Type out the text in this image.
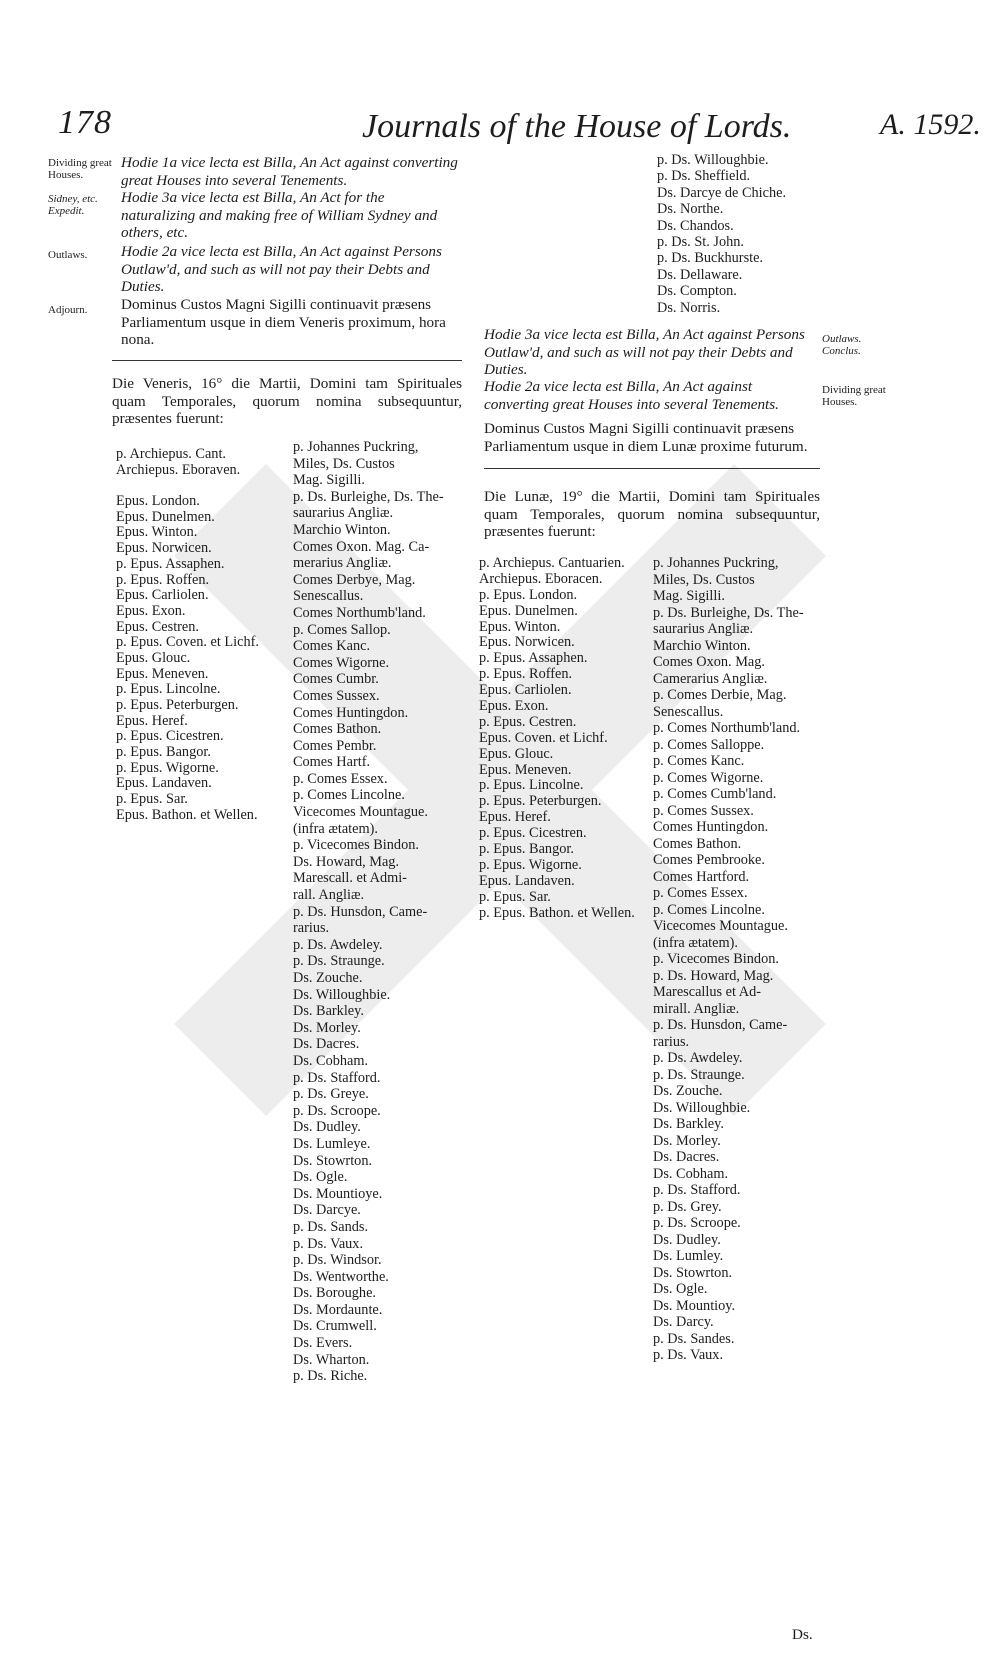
178	Journals of the House of Lords.	A. 1592.
Dividing great Houses.
Hodie 1a vice lecta est Billa, An Act against converting great Houses into several Tenements.
Sidney, etc. Expedit.
Hodie 3a vice lecta est Billa, An Act for the naturalizing and making free of William Sydney and others, etc.
Outlaws.	Hodie 2a vice lecta est Billa, An Act against Persons Outlaw'd, and such as will not pay their Debts and Duties.
Adjourn.	Dominus Custos Magni Sigilli continuavit præsens Parliamentum usque in diem Veneris proximum, hora nona.
Die Veneris, 16° die Martii, Domini tam Spirituales quam Temporales, quorum nomina subsequuntur, præsentes fuerunt:
p. Archiepus. Cant.
Archiepus. Eboraven.
Epus. London.
Epus. Dunelmen.
Epus. Winton.
Epus. Norwicen.
p. Epus. Assaphen.
p. Epus. Roffen.
Epus. Carliolen.
Epus. Exon.
Epus. Cestren.
p. Epus. Coven. et Lichf.
Epus. Glouc.
Epus. Meneven.
p. Epus. Lincolne.
p. Epus. Peterburgen.
Epus. Heref.
p. Epus. Cicestren.
p. Epus. Bangor.
p. Epus. Wigorne.
Epus. Landaven.
p. Epus. Sar.
Epus. Bathon. et Wellen.
p. Johannes Puckring,
Miles, Ds. Custos
Mag. Sigilli.
p. Ds. Burleighe, Ds. The-
saurarius Angliæ.
Marchio Winton.
Comes Oxon. Mag. Ca-
merarius Angliæ.
Comes Derbye, Mag.
Senescallus.
Comes Northumb'land.
p. Comes Sallop.
Comes Kanc.
Comes Wigorne.
Comes Cumbr.
Comes Sussex.
Comes Huntingdon.
Comes Bathon.
Comes Pembr.
Comes Hartf.
p. Comes Essex.
p. Comes Lincolne.
Vicecomes Mountague.
(infra ætatem).
p. Vicecomes Bindon.
Ds. Howard, Mag.
Marescall. et Admi-
rall. Angliæ.
p. Ds. Hunsdon, Came-
rarius.
p. Ds. Awdeley.
p. Ds. Straunge.
Ds. Zouche.
Ds. Willoughbie.
Ds. Barkley.
Ds. Morley.
Ds. Dacres.
Ds. Cobham.
p. Ds. Stafford.
p. Ds. Greye.
p. Ds. Scroope.
Ds. Dudley.
Ds. Lumleye.
Ds. Stowrton.
Ds. Ogle.
Ds. Mountioye.
Ds. Darcye.
p. Ds. Sands.
p. Ds. Vaux.
p. Ds. Windsor.
Ds. Wentworthe.
Ds. Boroughe.
Ds. Mordaunte.
Ds. Crumwell.
Ds. Evers.
Ds. Wharton.
p. Ds. Riche.
p. Ds. Willoughbie.
p. Ds. Sheffield.
Ds. Darcye de Chiche.
Ds. Northe.
Ds. Chandos.
p. Ds. St. John.
p. Ds. Buckhurste.
Ds. Dellaware.
Ds. Compton.
Ds. Norris.
Outlaws. Conclus.
Hodie 3a vice lecta est Billa, An Act against Persons Outlaw'd, and such as will not pay their Debts and Duties.
Dividing great Houses.
Hodie 2a vice lecta est Billa, An Act against converting great Houses into several Tenements.
Dominus Custos Magni Sigilli continuavit præsens Parliamentum usque in diem Lunæ proxime futurum.
Die Lunæ, 19° die Martii, Domini tam Spirituales quam Temporales, quorum nomina subsequuntur, præsentes fuerunt:
p. Archiepus. Cantuarien.
Archiepus. Eboracen.
p. Epus. London.
Epus. Dunelmen.
Epus. Winton.
Epus. Norwicen.
p. Epus. Assaphen.
p. Epus. Roffen.
Epus. Carliolen.
Epus. Exon.
p. Epus. Cestren.
Epus. Coven. et Lichf.
Epus. Glouc.
Epus. Meneven.
p. Epus. Lincolne.
p. Epus. Peterburgen.
Epus. Heref.
p. Epus. Cicestren.
p. Epus. Bangor.
p. Epus. Wigorne.
Epus. Landaven.
p. Epus. Sar.
p. Epus. Bathon. et Wellen.
p. Johannes Puckring,
Miles, Ds. Custos
Mag. Sigilli.
p. Ds. Burleighe, Ds. The-
saurarius Angliæ.
Marchio Winton.
Comes Oxon. Mag.
Camerarius Angliæ.
p. Comes Derbie, Mag.
Senescallus.
p. Comes Northumb'land.
p. Comes Salloppe.
p. Comes Kanc.
p. Comes Wigorne.
p. Comes Cumb'land.
p. Comes Sussex.
Comes Huntingdon.
Comes Bathon.
Comes Pembrooke.
Comes Hartford.
p. Comes Essex.
p. Comes Lincolne.
Vicecomes Mountague.
(infra ætatem).
p. Vicecomes Bindon.
p. Ds. Howard, Mag.
Marescallus et Ad-
mirall. Angliæ.
p. Ds. Hunsdon, Came-
rarius.
p. Ds. Awdeley.
p. Ds. Straunge.
Ds. Zouche.
Ds. Willoughbie.
Ds. Barkley.
Ds. Morley.
Ds. Dacres.
Ds. Cobham.
p. Ds. Stafford.
p. Ds. Grey.
p. Ds. Scroope.
Ds. Dudley.
Ds. Lumley.
Ds. Stowrton.
Ds. Ogle.
Ds. Mountioy.
Ds. Darcy.
p. Ds. Sandes.
p. Ds. Vaux.
Ds.
